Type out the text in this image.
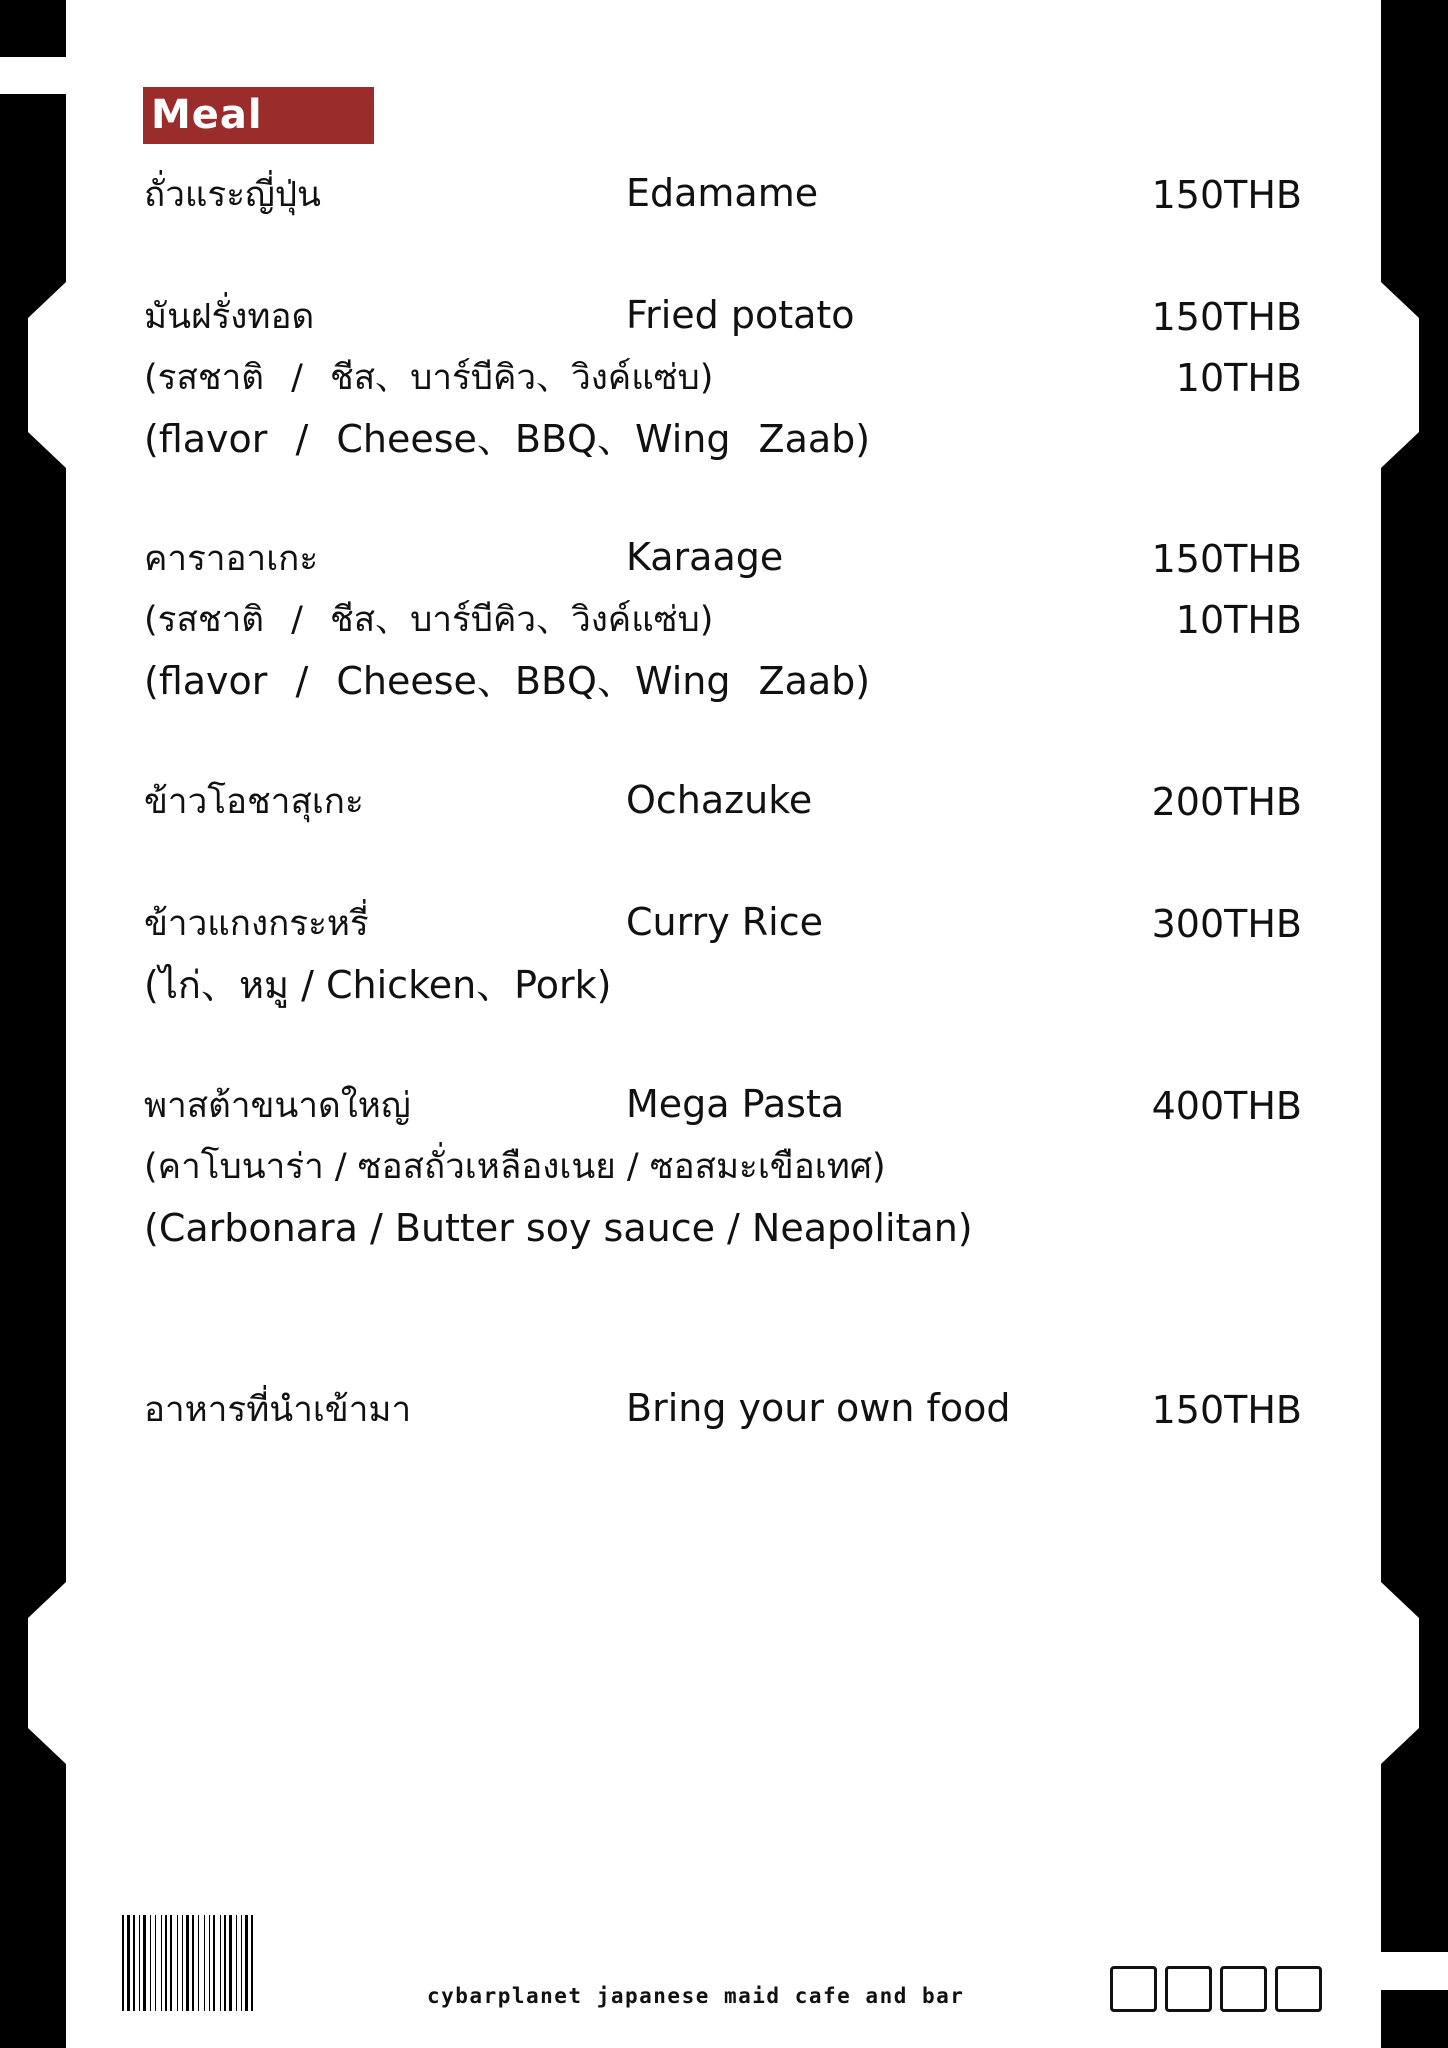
Meal
ถั่วแระญี่ปุ่น	Edamame	150THB
มันฝรั่งทอด	Fried potato	150THB
(รสชาติ / ชีส、บาร์บีคิว、วิงค์แซ่บ)	10THB
(flavor / Cheese、BBQ、Wing Zaab)
คาราอาเกะ	Karaage	150THB
(รสชาติ / ชีส、บาร์บีคิว、วิงค์แซ่บ)	10THB
(flavor / Cheese、BBQ、Wing Zaab)
ข้าวโอชาสุเกะ	Ochazuke	200THB
ข้าวแกงกระหรี่	Curry Rice	300THB
(ไก่、หมู / Chicken、Pork)
พาสต้าขนาดใหญ่	Mega Pasta	400THB
(คาโบนาร่า / ซอสถั่วเหลืองเนย / ซอสมะเขือเทศ)
(Carbonara / Butter soy sauce / Neapolitan)
อาหารที่นำเข้ามา	Bring your own food	150THB
cybarplanet japanese maid cafe and bar
